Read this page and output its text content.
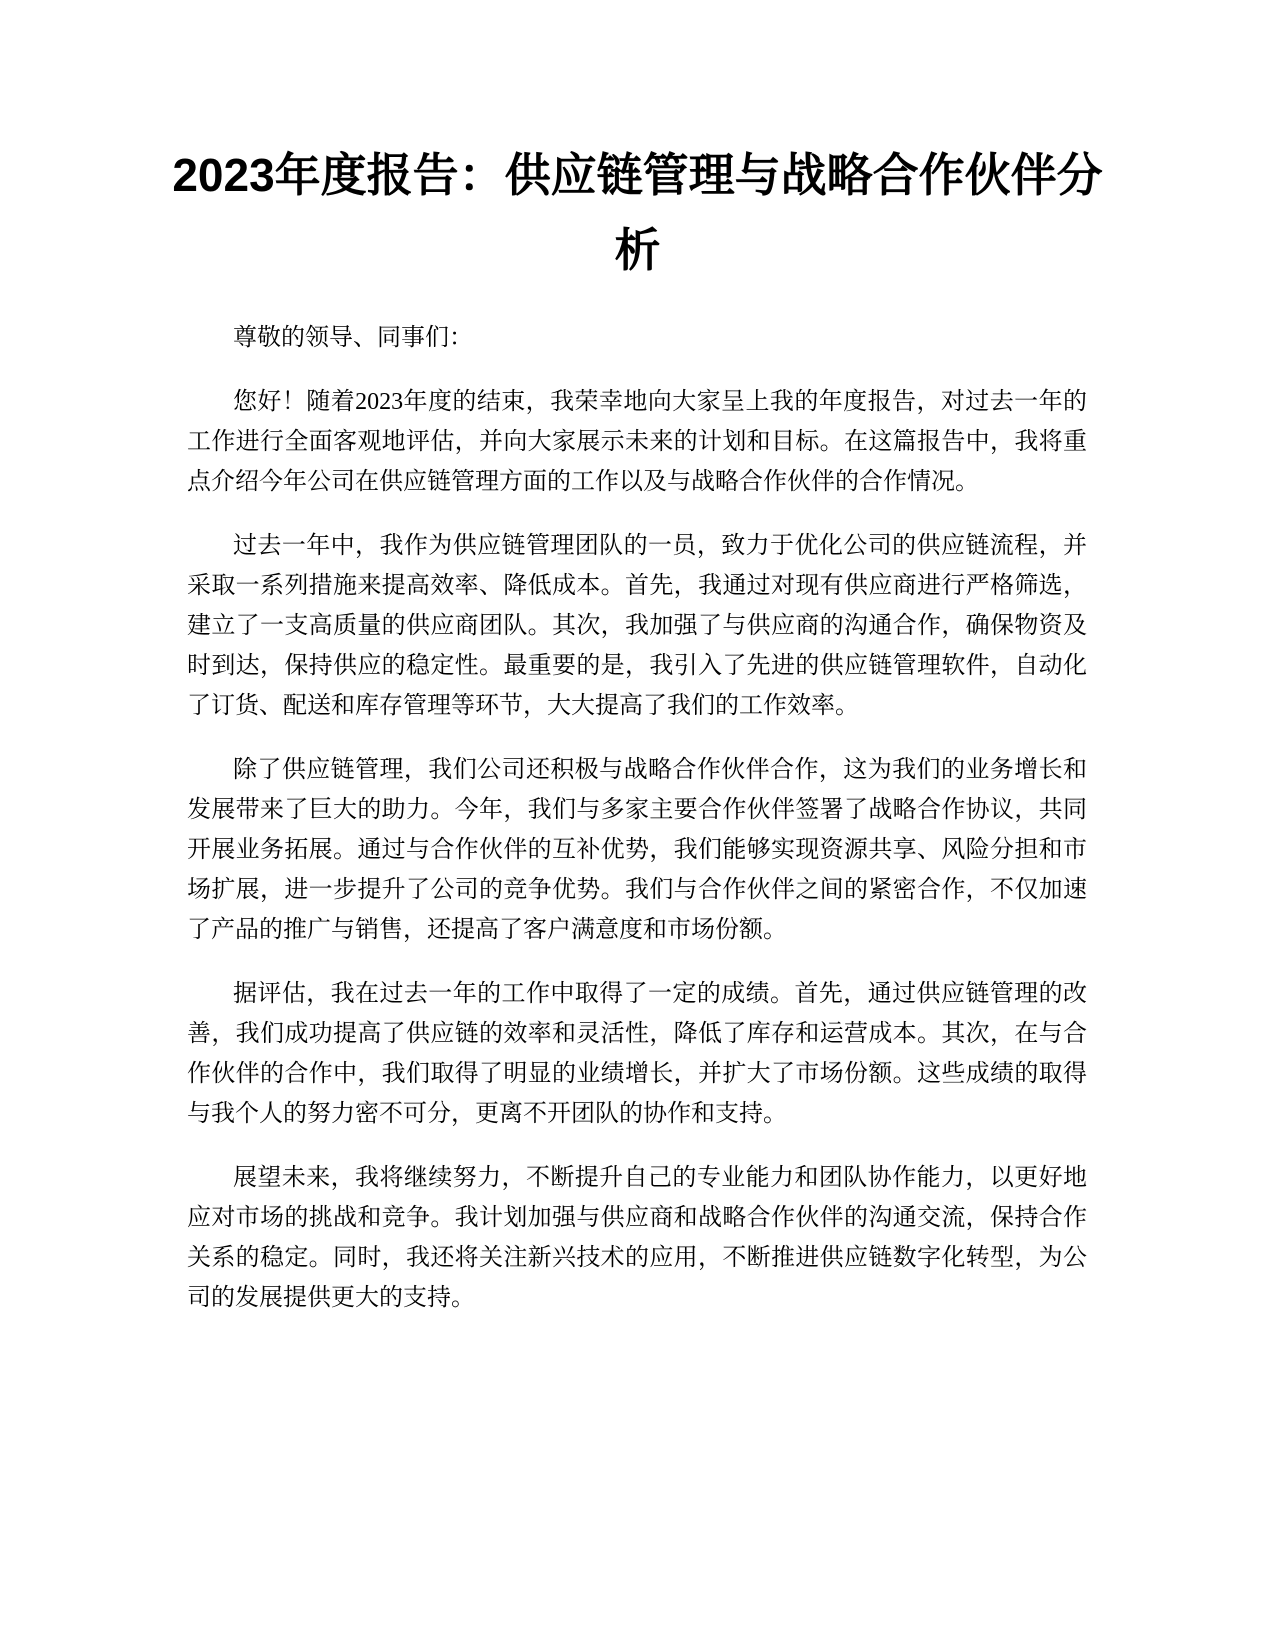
2023年度报告：供应链管理与战略合作伙伴分析

尊敬的领导、同事们：

您好！随着2023年度的结束，我荣幸地向大家呈上我的年度报告，对过去一年的工作进行全面客观地评估，并向大家展示未来的计划和目标。在这篇报告中，我将重点介绍今年公司在供应链管理方面的工作以及与战略合作伙伴的合作情况。

过去一年中，我作为供应链管理团队的一员，致力于优化公司的供应链流程，并采取一系列措施来提高效率、降低成本。首先，我通过对现有供应商进行严格筛选，建立了一支高质量的供应商团队。其次，我加强了与供应商的沟通合作，确保物资及时到达，保持供应的稳定性。最重要的是，我引入了先进的供应链管理软件，自动化了订货、配送和库存管理等环节，大大提高了我们的工作效率。

除了供应链管理，我们公司还积极与战略合作伙伴合作，这为我们的业务增长和发展带来了巨大的助力。今年，我们与多家主要合作伙伴签署了战略合作协议，共同开展业务拓展。通过与合作伙伴的互补优势，我们能够实现资源共享、风险分担和市场扩展，进一步提升了公司的竞争优势。我们与合作伙伴之间的紧密合作，不仅加速了产品的推广与销售，还提高了客户满意度和市场份额。

据评估，我在过去一年的工作中取得了一定的成绩。首先，通过供应链管理的改善，我们成功提高了供应链的效率和灵活性，降低了库存和运营成本。其次，在与合作伙伴的合作中，我们取得了明显的业绩增长，并扩大了市场份额。这些成绩的取得与我个人的努力密不可分，更离不开团队的协作和支持。

展望未来，我将继续努力，不断提升自己的专业能力和团队协作能力，以更好地应对市场的挑战和竞争。我计划加强与供应商和战略合作伙伴的沟通交流，保持合作关系的稳定。同时，我还将关注新兴技术的应用，不断推进供应链数字化转型，为公司的发展提供更大的支持。
